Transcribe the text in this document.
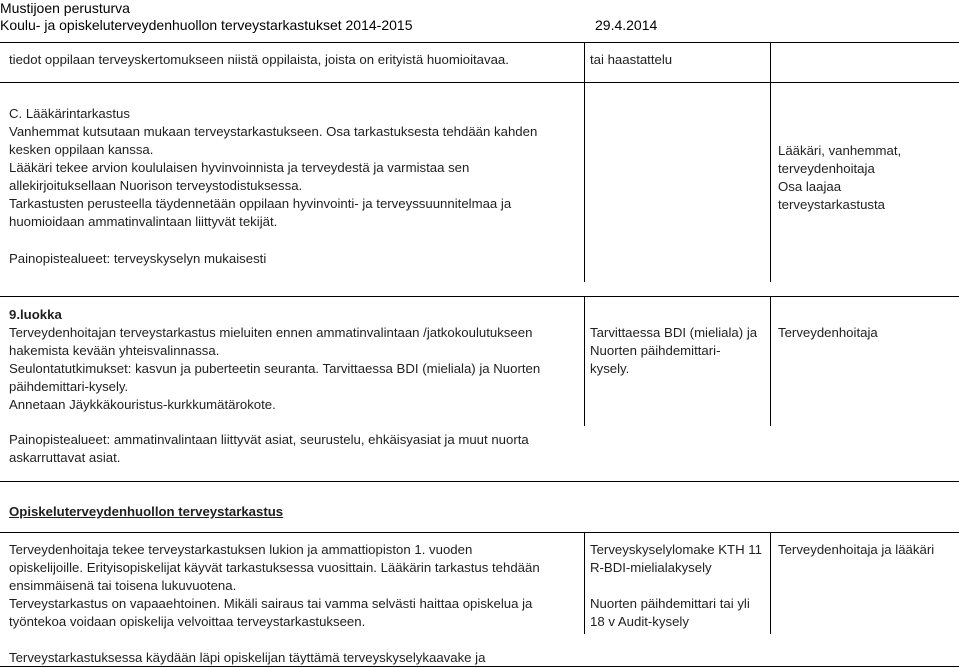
Mustijoen perusturva
Koulu- ja opiskeluterveydenhuollon terveystarkastukset 2014-2015	29.4.2014
tiedot oppilaan terveyskertomukseen niistä oppilaista, joista on erityistä huomioitavaa.	tai haastattelu

C. Lääkärintarkastus

Vanhemmat kutsutaan mukaan terveystarkastukseen. Osa tarkastuksesta tehdään kahden

kesken oppilaan kanssa.

Lääkäri tekee arvion koululaisen hyvinvoinnista ja terveydestä ja varmistaa sen

allekirjoituksellaan Nuorison terveystodistuksessa.

Tarkastusten perusteella täydennetään oppilaan hyvinvointi- ja terveyssuunnitelmaa ja

huomioidaan ammatinvalintaan liittyvät tekijät.

Painopistealueet: terveyskyselyn mukaisesti

Lääkäri, vanhemmat,

terveydenhoitaja

Osa laajaa

terveystarkastusta

9.luokka

Terveydenhoitajan terveystarkastus mieluiten ennen ammatinvalintaan /jatkokoulutukseen

hakemista kevään yhteisvalinnassa.

Seulontatutkimukset: kasvun ja puberteetin seuranta. Tarvittaessa BDI (mieliala) ja Nuorten

päihdemittari-kysely.

Annetaan Jäykkäkouristus-kurkkumätärokote.

Tarvittaessa BDI (mieliala) ja

Nuorten päihdemittari-

kysely.

Terveydenhoitaja

Painopistealueet: ammatinvalintaan liittyvät asiat, seurustelu, ehkäisyasiat ja muut nuorta

askarruttavat asiat.

Opiskeluterveydenhuollon terveystarkastus

Terveydenhoitaja tekee terveystarkastuksen lukion ja ammattiopiston 1. vuoden

opiskelijoille. Erityisopiskelijat käyvät tarkastuksessa vuosittain. Lääkärin tarkastus tehdään

ensimmäisenä tai toisena lukuvuotena.

Terveystarkastus on vapaaehtoinen. Mikäli sairaus tai vamma selvästi haittaa opiskelua ja

työntekoa voidaan opiskelija velvoittaa terveystarkastukseen.

Terveystarkastuksessa käydään läpi opiskelijan täyttämä terveyskyselykaavake ja

Terveyskyselylomake KTH 11

R-BDI-mielialakysely

Nuorten päihdemittari tai yli

18 v Audit-kysely

Terveydenhoitaja ja lääkäri
